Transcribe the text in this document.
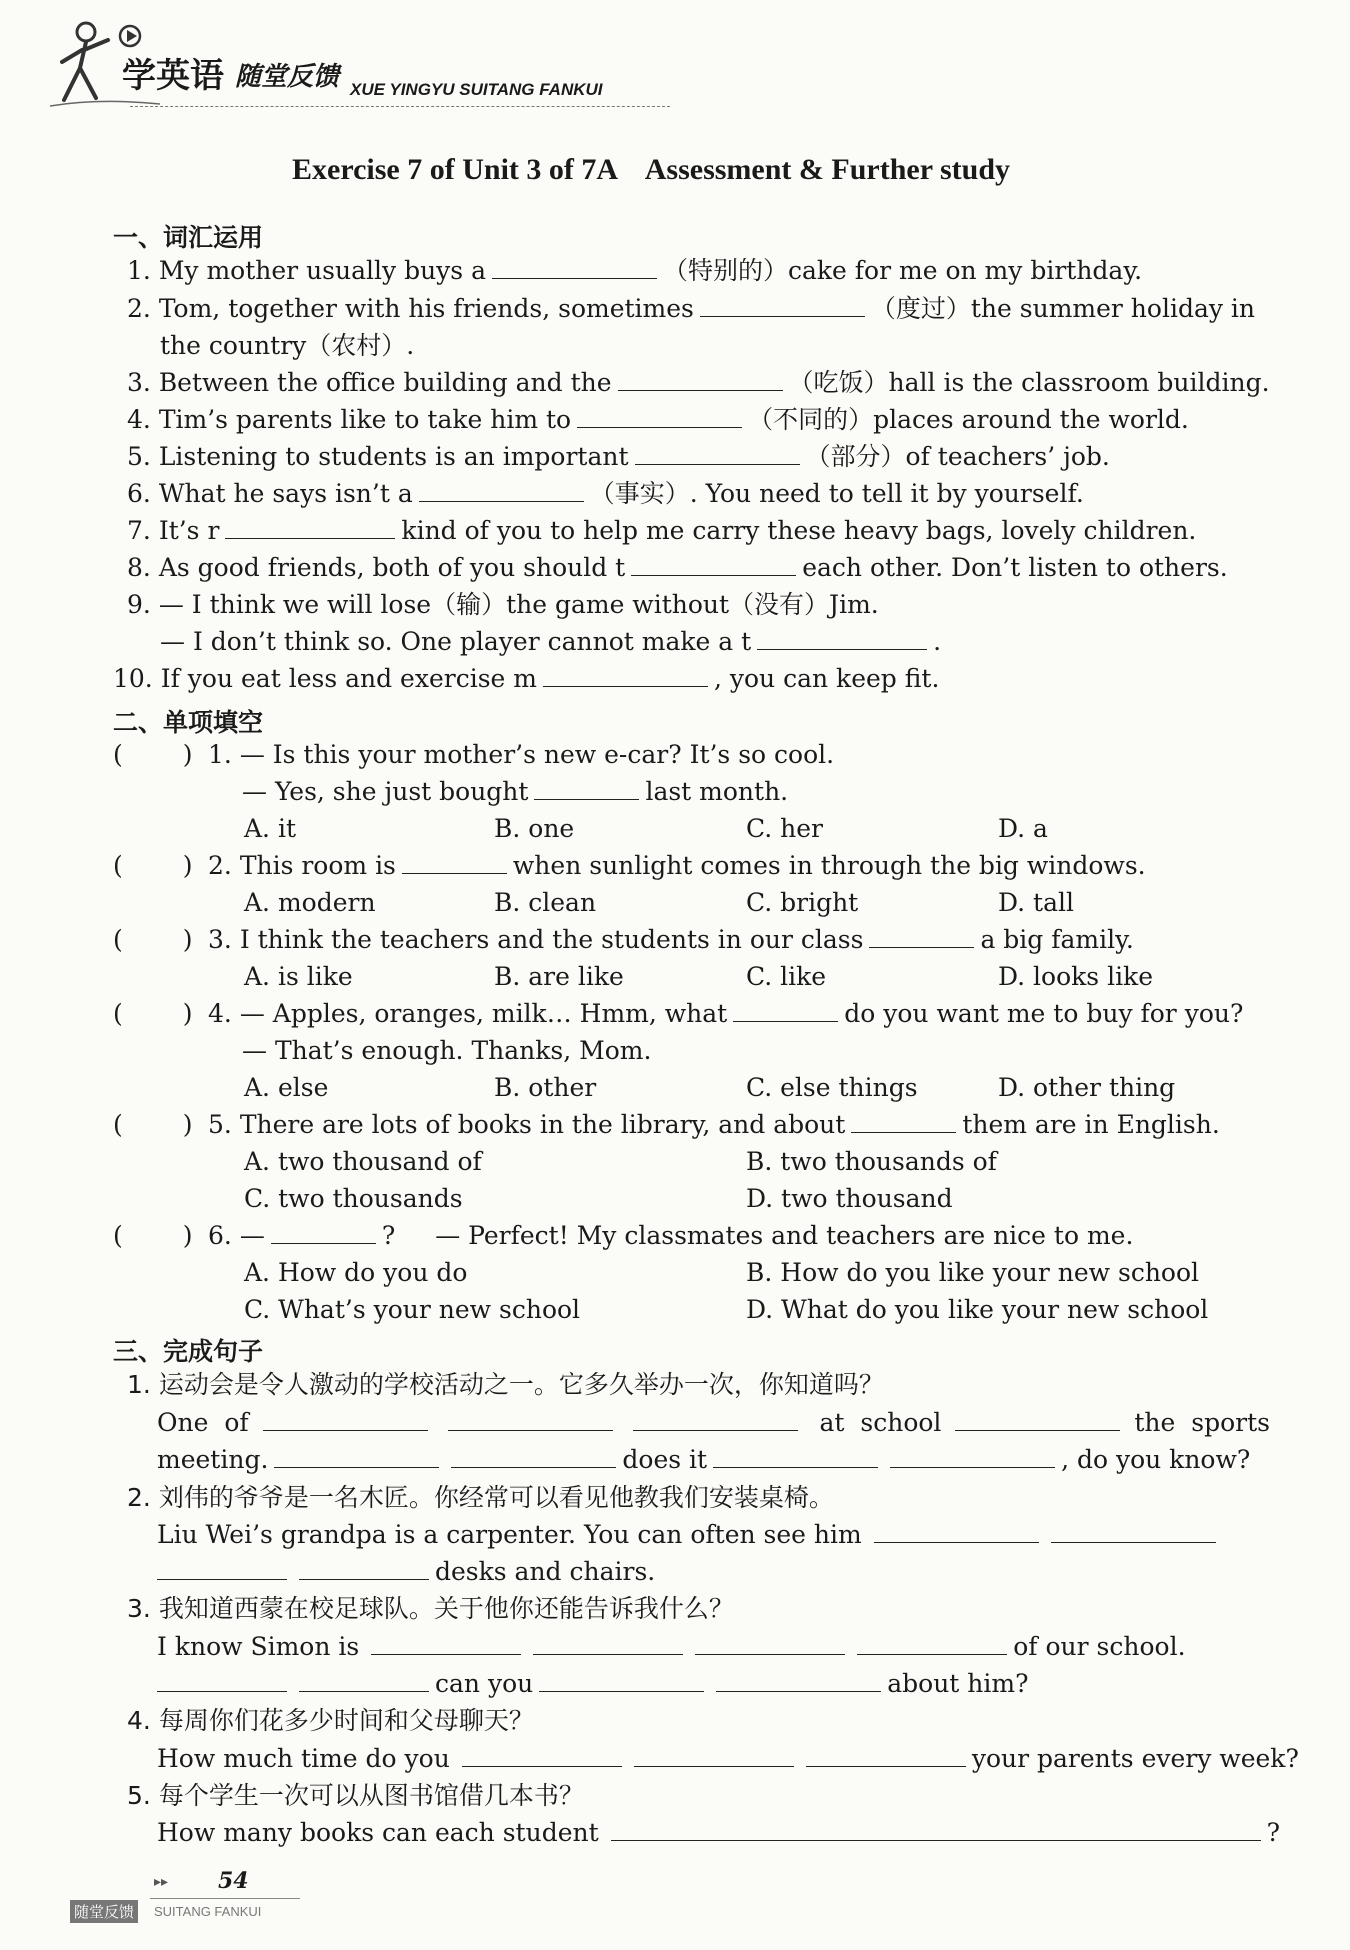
学英语 随堂反馈 XUE YINGYU SUITANG FANKUI
Exercise 7 of Unit 3 of 7A    Assessment & Further study
一、词汇运用
1. My mother usually buys a	（特别的）cake for me on my birthday.
2. Tom, together with his friends, sometimes	（度过）the summer holiday in
the country（农村）.
3. Between the office building and the	（吃饭）hall is the classroom building.
4. Tim’s parents like to take him to	（不同的）places around the world.
5. Listening to students is an important	（部分）of teachers’ job.
6. What he says isn’t a	（事实）. You need to tell it by yourself.
7. It’s r	kind of you to help me carry these heavy bags, lovely children.
8. As good friends, both of you should t	each other. Don’t listen to others.
9. — I think we will lose（输）the game without（没有）Jim.
— I don’t think so. One player cannot make a t	.
10. If you eat less and exercise m	, you can keep fit.
二、单项填空
( ) 1. — Is this your mother’s new e-car? It’s so cool.
— Yes, she just bought	last month.
A. it	B. one	C. her	D. a
( ) 2. This room is	when sunlight comes in through the big windows.
A. modern	B. clean	C. bright	D. tall
( ) 3. I think the teachers and the students in our class	a big family.
A. is like	B. are like	C. like	D. looks like
( ) 4. — Apples, oranges, milk… Hmm, what	do you want me to buy for you?
— That’s enough. Thanks, Mom.
A. else	B. other	C. else things	D. other thing
( ) 5. There are lots of books in the library, and about	them are in English.
A. two thousand of	B. two thousands of
C. two thousands	D. two thousand
( ) 6. —	? — Perfect! My classmates and teachers are nice to me.
A. How do you do	B. How do you like your new school
C. What’s your new school	D. What do you like your new school
三、完成句子
1. 运动会是令人激动的学校活动之一。它多久举办一次，你知道吗？
One of	at school	the sports
meeting.	does it	, do you know?
2. 刘伟的爷爷是一名木匠。你经常可以看见他教我们安装桌椅。
Liu Wei’s grandpa is a carpenter. You can often see him
desks and chairs.
3. 我知道西蒙在校足球队。关于他你还能告诉我什么？
I know Simon is	of our school.
can you	about him?
4. 每周你们花多少时间和父母聊天？
How much time do you	your parents every week?
5. 每个学生一次可以从图书馆借几本书？
How many books can each student	?
▸▸ 54
随堂反馈	SUITANG FANKUI
